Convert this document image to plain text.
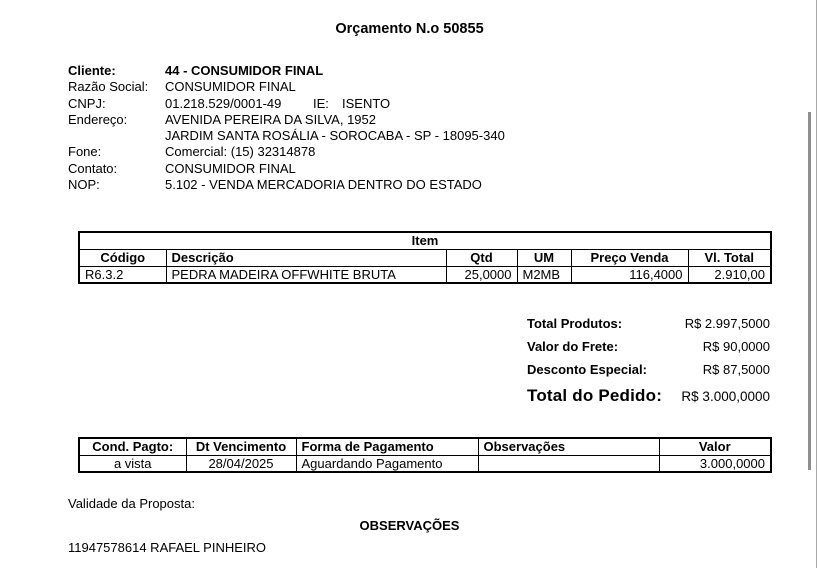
Orçamento N.o 50855
Cliente:	44 - CONSUMIDOR FINAL
Razão Social:	CONSUMIDOR FINAL
CNPJ:	01.218.529/0001-49 IE: ISENTO
Endereço:	AVENIDA PEREIRA DA SILVA, 1952
JARDIM SANTA ROSÁLIA - SOROCABA - SP - 18095-340
Fone:	Comercial: (15) 32314878
Contato:	CONSUMIDOR FINAL
NOP:	5.102 - VENDA MERCADORIA DENTRO DO ESTADO
Item					
Código	Descrição	Qtd	UM	Preço Venda	Vl. Total
R6.3.2	PEDRA MADEIRA OFFWHITE BRUTA	25,0000	M2MB	116,4000	2.910,00
Total Produtos:	R$ 2.997,5000
Valor do Frete:	R$ 90,0000
Desconto Especial:	R$ 87,5000
Total do Pedido: R$ 3.000,0000
Cond. Pagto:	Dt Vencimento	Forma de Pagamento	Observações	Valor
a vista	28/04/2025	Aguardando Pagamento		3.000,0000
Validade da Proposta:
OBSERVAÇÕES
11947578614 RAFAEL PINHEIRO
